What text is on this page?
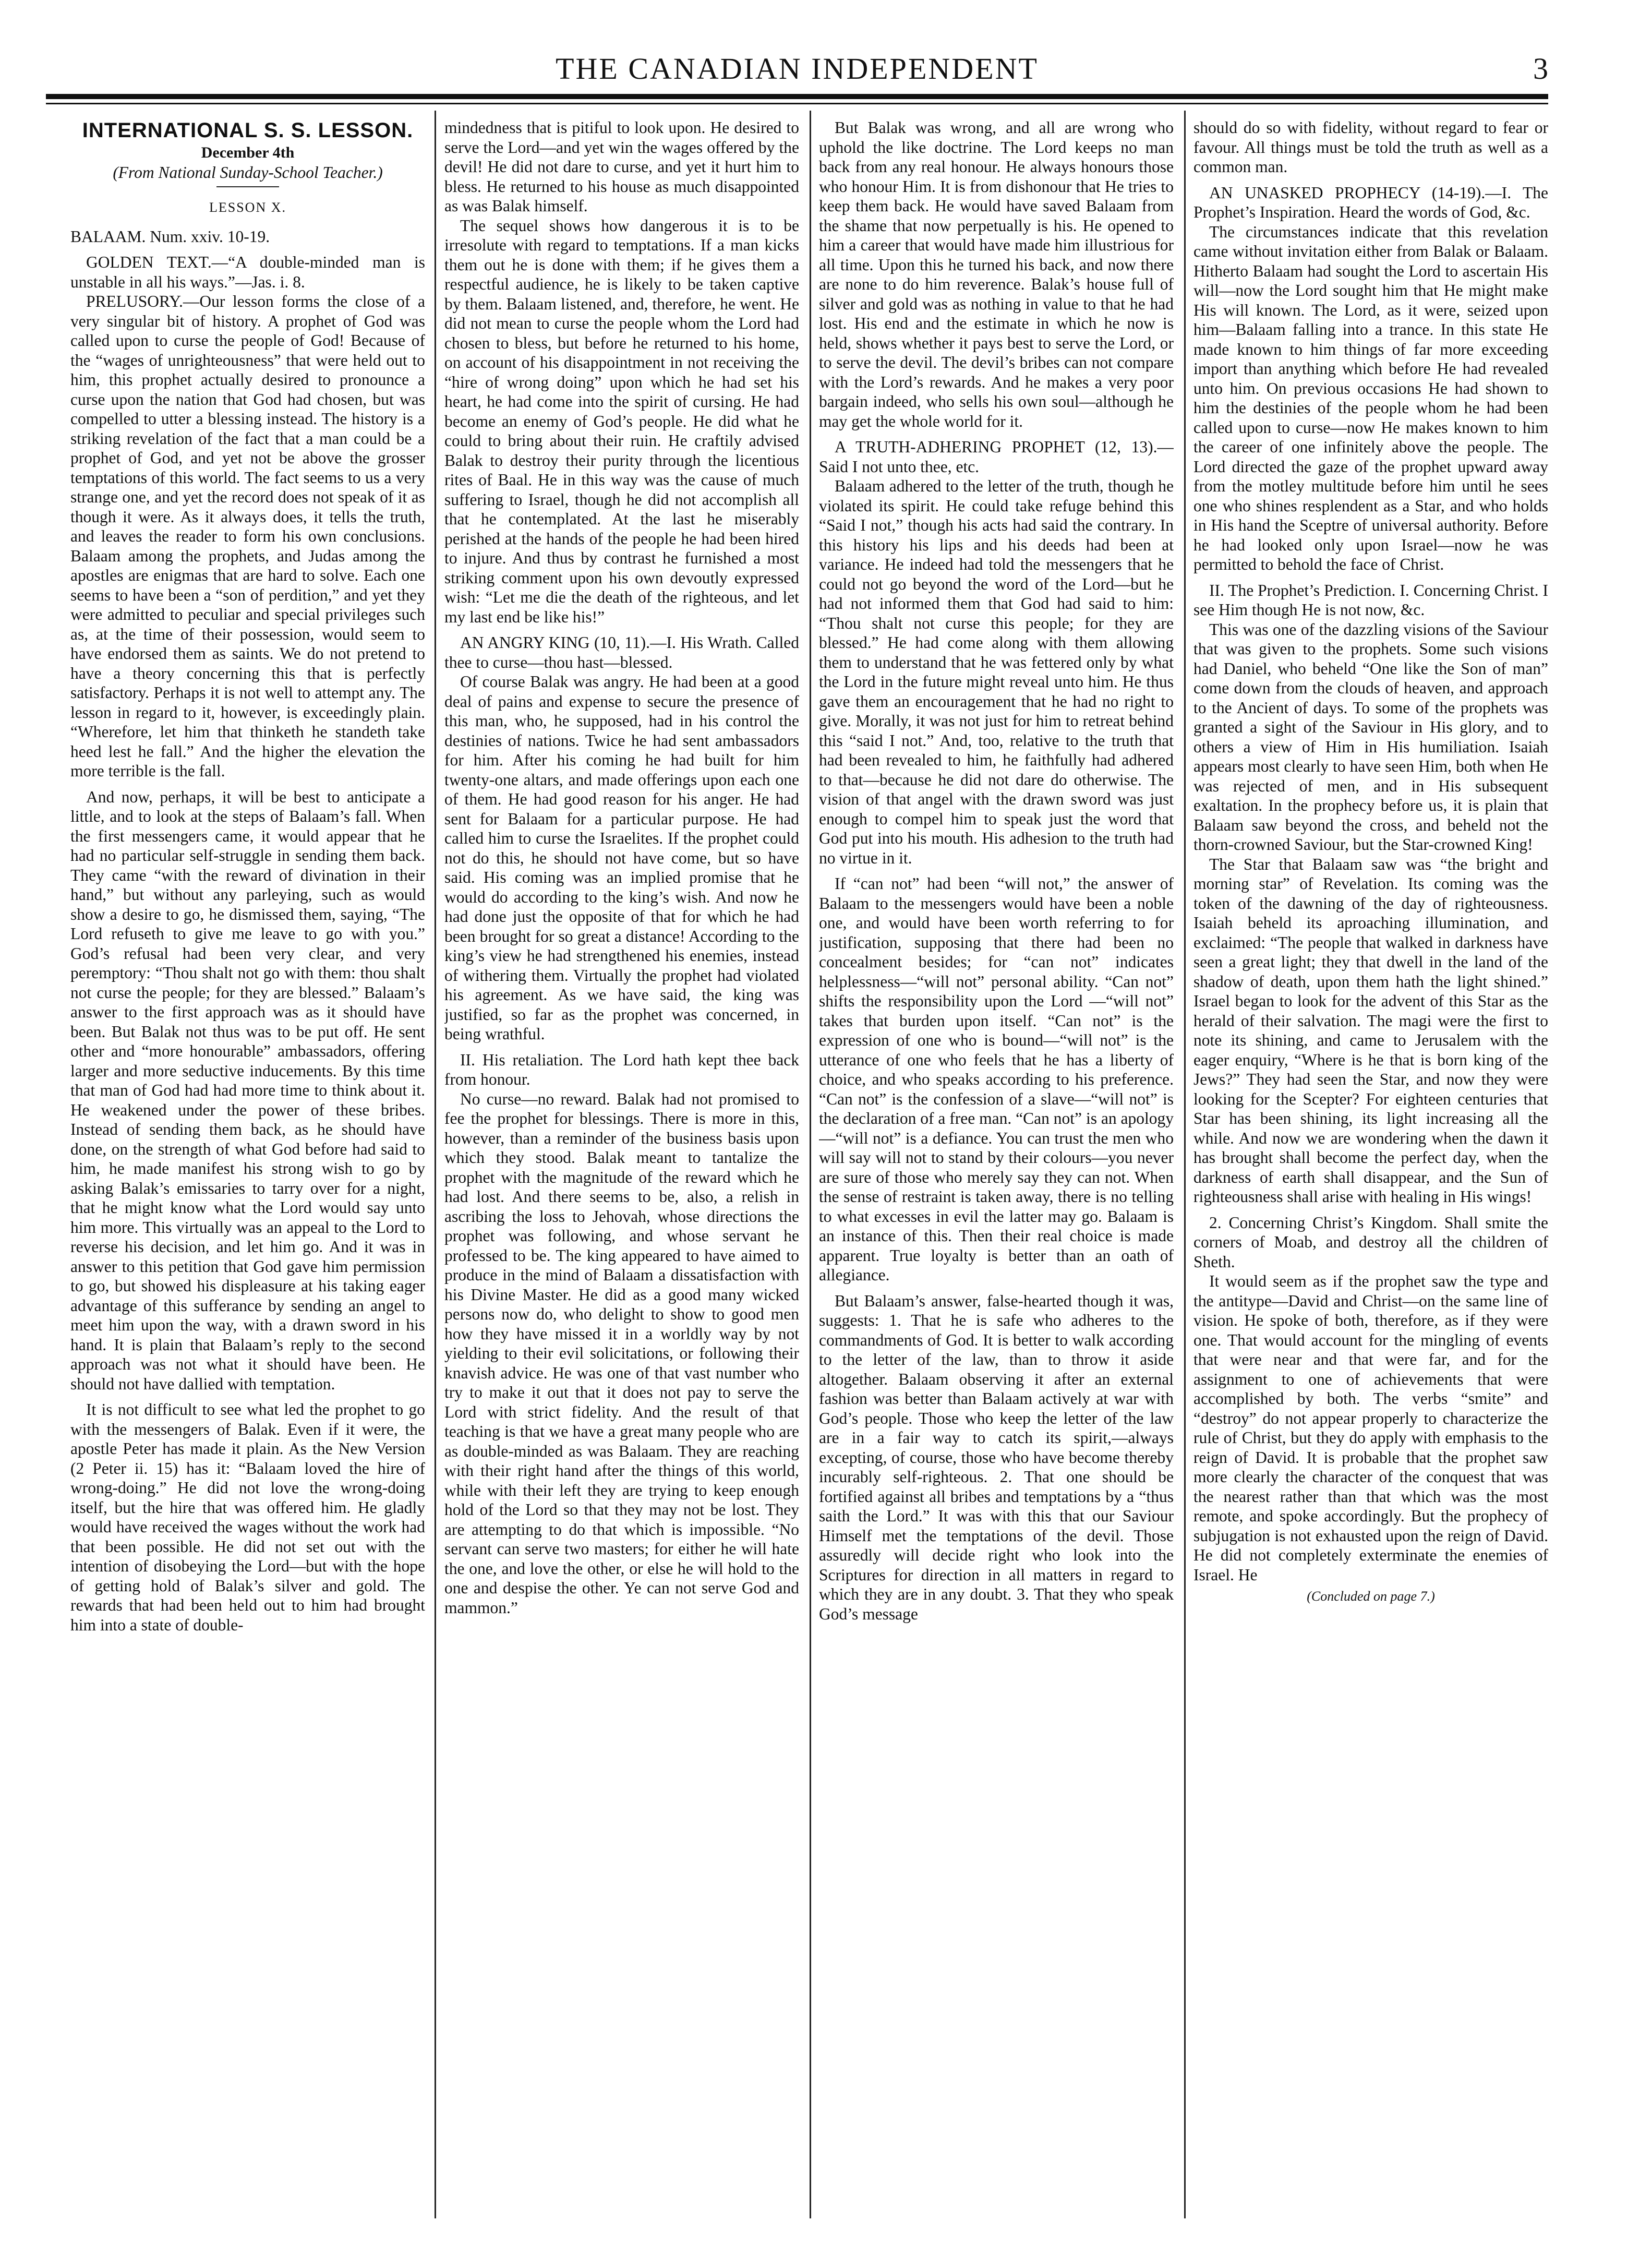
THE CANADIAN INDEPENDENT	3

INTERNATIONAL S. S. LESSON.

December 4th

(From National Sunday-School Teacher.)

LESSON X.

BALAAM. Num. xxiv. 10-19.

GOLDEN TEXT.—“A double-minded man is unstable in all his ways.”—Jas. i. 8.

PRELUSORY.—Our lesson forms the close of a very singular bit of history. A prophet of God was called upon to curse the people of God! Because of the “wages of unrighteousness” that were held out to him, this prophet actually desired to pronounce a curse upon the nation that God had chosen, but was compelled to utter a blessing instead. The history is a striking revelation of the fact that a man could be a prophet of God, and yet not be above the grosser temptations of this world. The fact seems to us a very strange one, and yet the record does not speak of it as though it were. As it always does, it tells the truth, and leaves the reader to form his own conclusions. Balaam among the prophets, and Judas among the apostles are enigmas that are hard to solve. Each one seems to have been a “son of perdition,” and yet they were admitted to peculiar and special privileges such as, at the time of their possession, would seem to have endorsed them as saints. We do not pretend to have a theory concerning this that is perfectly satisfactory. Perhaps it is not well to attempt any. The lesson in regard to it, however, is exceedingly plain. “Wherefore, let him that thinketh he standeth take heed lest he fall.” And the higher the elevation the more terrible is the fall.

And now, perhaps, it will be best to anticipate a little, and to look at the steps of Balaam’s fall. When the first messengers came, it would appear that he had no particular self-struggle in sending them back. They came “with the reward of divination in their hand,” but without any parleying, such as would show a desire to go, he dismissed them, saying, “The Lord refuseth to give me leave to go with you.” God’s refusal had been very clear, and very peremptory: “Thou shalt not go with them: thou shalt not curse the people; for they are blessed.” Balaam’s answer to the first approach was as it should have been. But Balak not thus was to be put off. He sent other and “more honourable” ambassadors, offering larger and more seductive inducements. By this time that man of God had had more time to think about it. He weakened under the power of these bribes. Instead of sending them back, as he should have done, on the strength of what God before had said to him, he made manifest his strong wish to go by asking Balak’s emissaries to tarry over for a night, that he might know what the Lord would say unto him more. This virtually was an appeal to the Lord to reverse his decision, and let him go. And it was in answer to this petition that God gave him permission to go, but showed his displeasure at his taking eager advantage of this sufferance by sending an angel to meet him upon the way, with a drawn sword in his hand. It is plain that Balaam’s reply to the second approach was not what it should have been. He should not have dallied with temptation.

It is not difficult to see what led the prophet to go with the messengers of Balak. Even if it were, the apostle Peter has made it plain. As the New Version (2 Peter ii. 15) has it: “Balaam loved the hire of wrong-doing.” He did not love the wrong-doing itself, but the hire that was offered him. He gladly would have received the wages without the work had that been possible. He did not set out with the intention of disobeying the Lord—but with the hope of getting hold of Balak’s silver and gold. The rewards that had been held out to him had brought him into a state of double-

mindedness that is pitiful to look upon. He desired to serve the Lord—and yet win the wages offered by the devil! He did not dare to curse, and yet it hurt him to bless. He returned to his house as much disappointed as was Balak himself.

The sequel shows how dangerous it is to be irresolute with regard to temptations. If a man kicks them out he is done with them; if he gives them a respectful audience, he is likely to be taken captive by them. Balaam listened, and, therefore, he went. He did not mean to curse the people whom the Lord had chosen to bless, but before he returned to his home, on account of his disappointment in not receiving the “hire of wrong doing” upon which he had set his heart, he had come into the spirit of cursing. He had become an enemy of God’s people. He did what he could to bring about their ruin. He craftily advised Balak to destroy their purity through the licentious rites of Baal. He in this way was the cause of much suffering to Israel, though he did not accomplish all that he contemplated. At the last he miserably perished at the hands of the people he had been hired to injure. And thus by contrast he furnished a most striking comment upon his own devoutly expressed wish: “Let me die the death of the righteous, and let my last end be like his!”

AN ANGRY KING (10, 11).—I. His Wrath. Called thee to curse—thou hast—blessed.

Of course Balak was angry. He had been at a good deal of pains and expense to secure the presence of this man, who, he supposed, had in his control the destinies of nations. Twice he had sent ambassadors for him. After his coming he had built for him twenty-one altars, and made offerings upon each one of them. He had good reason for his anger. He had sent for Balaam for a particular purpose. He had called him to curse the Israelites. If the prophet could not do this, he should not have come, but so have said. His coming was an implied promise that he would do according to the king’s wish. And now he had done just the opposite of that for which he had been brought for so great a distance! According to the king’s view he had strengthened his enemies, instead of withering them. Virtually the prophet had violated his agreement. As we have said, the king was justified, so far as the prophet was concerned, in being wrathful.

II. His retaliation. The Lord hath kept thee back from honour.

No curse—no reward. Balak had not promised to fee the prophet for blessings. There is more in this, however, than a reminder of the business basis upon which they stood. Balak meant to tantalize the prophet with the magnitude of the reward which he had lost. And there seems to be, also, a relish in ascribing the loss to Jehovah, whose directions the prophet was following, and whose servant he professed to be. The king appeared to have aimed to produce in the mind of Balaam a dissatisfaction with his Divine Master. He did as a good many wicked persons now do, who delight to show to good men how they have missed it in a worldly way by not yielding to their evil solicitations, or following their knavish advice. He was one of that vast number who try to make it out that it does not pay to serve the Lord with strict fidelity. And the result of that teaching is that we have a great many people who are as double-minded as was Balaam. They are reaching with their right hand after the things of this world, while with their left they are trying to keep enough hold of the Lord so that they may not be lost. They are attempting to do that which is impossible. “No servant can serve two masters; for either he will hate the one, and love the other, or else he will hold to the one and despise the other. Ye can not serve God and mammon.”

But Balak was wrong, and all are wrong who uphold the like doctrine. The Lord keeps no man back from any real honour. He always honours those who honour Him. It is from dishonour that He tries to keep them back. He would have saved Balaam from the shame that now perpetually is his. He opened to him a career that would have made him illustrious for all time. Upon this he turned his back, and now there are none to do him reverence. Balak’s house full of silver and gold was as nothing in value to that he had lost. His end and the estimate in which he now is held, shows whether it pays best to serve the Lord, or to serve the devil. The devil’s bribes can not compare with the Lord’s rewards. And he makes a very poor bargain indeed, who sells his own soul—although he may get the whole world for it.

A TRUTH-ADHERING PROPHET (12, 13).—Said I not unto thee, etc.

Balaam adhered to the letter of the truth, though he violated its spirit. He could take refuge behind this “Said I not,” though his acts had said the contrary. In this history his lips and his deeds had been at variance. He indeed had told the messengers that he could not go beyond the word of the Lord—but he had not informed them that God had said to him: “Thou shalt not curse this people; for they are blessed.” He had come along with them allowing them to understand that he was fettered only by what the Lord in the future might reveal unto him. He thus gave them an encouragement that he had no right to give. Morally, it was not just for him to retreat behind this “said I not.” And, too, relative to the truth that had been revealed to him, he faithfully had adhered to that—because he did not dare do otherwise. The vision of that angel with the drawn sword was just enough to compel him to speak just the word that God put into his mouth. His adhesion to the truth had no virtue in it.

If “can not” had been “will not,” the answer of Balaam to the messengers would have been a noble one, and would have been worth referring to for justification, supposing that there had been no concealment besides; for “can not” indicates helplessness—“will not” personal ability. “Can not” shifts the responsibility upon the Lord —“will not” takes that burden upon itself. “Can not” is the expression of one who is bound—“will not” is the utterance of one who feels that he has a liberty of choice, and who speaks according to his preference. “Can not” is the confession of a slave—“will not” is the declaration of a free man. “Can not” is an apology—“will not” is a defiance. You can trust the men who will say will not to stand by their colours—you never are sure of those who merely say they can not. When the sense of restraint is taken away, there is no telling to what excesses in evil the latter may go. Balaam is an instance of this. Then their real choice is made apparent. True loyalty is better than an oath of allegiance.

But Balaam’s answer, false-hearted though it was, suggests: 1. That he is safe who adheres to the commandments of God. It is better to walk according to the letter of the law, than to throw it aside altogether. Balaam observing it after an external fashion was better than Balaam actively at war with God’s people. Those who keep the letter of the law are in a fair way to catch its spirit,—always excepting, of course, those who have become thereby incurably self-righteous. 2. That one should be fortified against all bribes and temptations by a “thus saith the Lord.” It was with this that our Saviour Himself met the temptations of the devil. Those assuredly will decide right who look into the Scriptures for direction in all matters in regard to which they are in any doubt. 3. That they who speak God’s message

should do so with fidelity, without regard to fear or favour. All things must be told the truth as well as a common man.

AN UNASKED PROPHECY (14-19).—I. The Prophet’s Inspiration. Heard the words of God, &c.

The circumstances indicate that this revelation came without invitation either from Balak or Balaam. Hitherto Balaam had sought the Lord to ascertain His will—now the Lord sought him that He might make His will known. The Lord, as it were, seized upon him—Balaam falling into a trance. In this state He made known to him things of far more exceeding import than anything which before He had revealed unto him. On previous occasions He had shown to him the destinies of the people whom he had been called upon to curse—now He makes known to him the career of one infinitely above the people. The Lord directed the gaze of the prophet upward away from the motley multitude before him until he sees one who shines resplendent as a Star, and who holds in His hand the Sceptre of universal authority. Before he had looked only upon Israel—now he was permitted to behold the face of Christ.

II. The Prophet’s Prediction. I. Concerning Christ. I see Him though He is not now, &c.

This was one of the dazzling visions of the Saviour that was given to the prophets. Some such visions had Daniel, who beheld “One like the Son of man” come down from the clouds of heaven, and approach to the Ancient of days. To some of the prophets was granted a sight of the Saviour in His glory, and to others a view of Him in His humiliation. Isaiah appears most clearly to have seen Him, both when He was rejected of men, and in His subsequent exaltation. In the prophecy before us, it is plain that Balaam saw beyond the cross, and beheld not the thorn-crowned Saviour, but the Star-crowned King!

The Star that Balaam saw was “the bright and morning star” of Revelation. Its coming was the token of the dawning of the day of righteousness. Isaiah beheld its aproaching illumination, and exclaimed: “The people that walked in darkness have seen a great light; they that dwell in the land of the shadow of death, upon them hath the light shined.” Israel began to look for the advent of this Star as the herald of their salvation. The magi were the first to note its shining, and came to Jerusalem with the eager enquiry, “Where is he that is born king of the Jews?” They had seen the Star, and now they were looking for the Scepter? For eighteen centuries that Star has been shining, its light increasing all the while. And now we are wondering when the dawn it has brought shall become the perfect day, when the darkness of earth shall disappear, and the Sun of righteousness shall arise with healing in His wings!

2. Concerning Christ’s Kingdom. Shall smite the corners of Moab, and destroy all the children of Sheth.

It would seem as if the prophet saw the type and the antitype—David and Christ—on the same line of vision. He spoke of both, therefore, as if they were one. That would account for the mingling of events that were near and that were far, and for the assignment to one of achievements that were accomplished by both. The verbs “smite” and “destroy” do not appear properly to characterize the rule of Christ, but they do apply with emphasis to the reign of David. It is probable that the prophet saw more clearly the character of the conquest that was the nearest rather than that which was the most remote, and spoke accordingly. But the prophecy of subjugation is not exhausted upon the reign of David. He did not completely exterminate the enemies of Israel. He

(Concluded on page 7.)
